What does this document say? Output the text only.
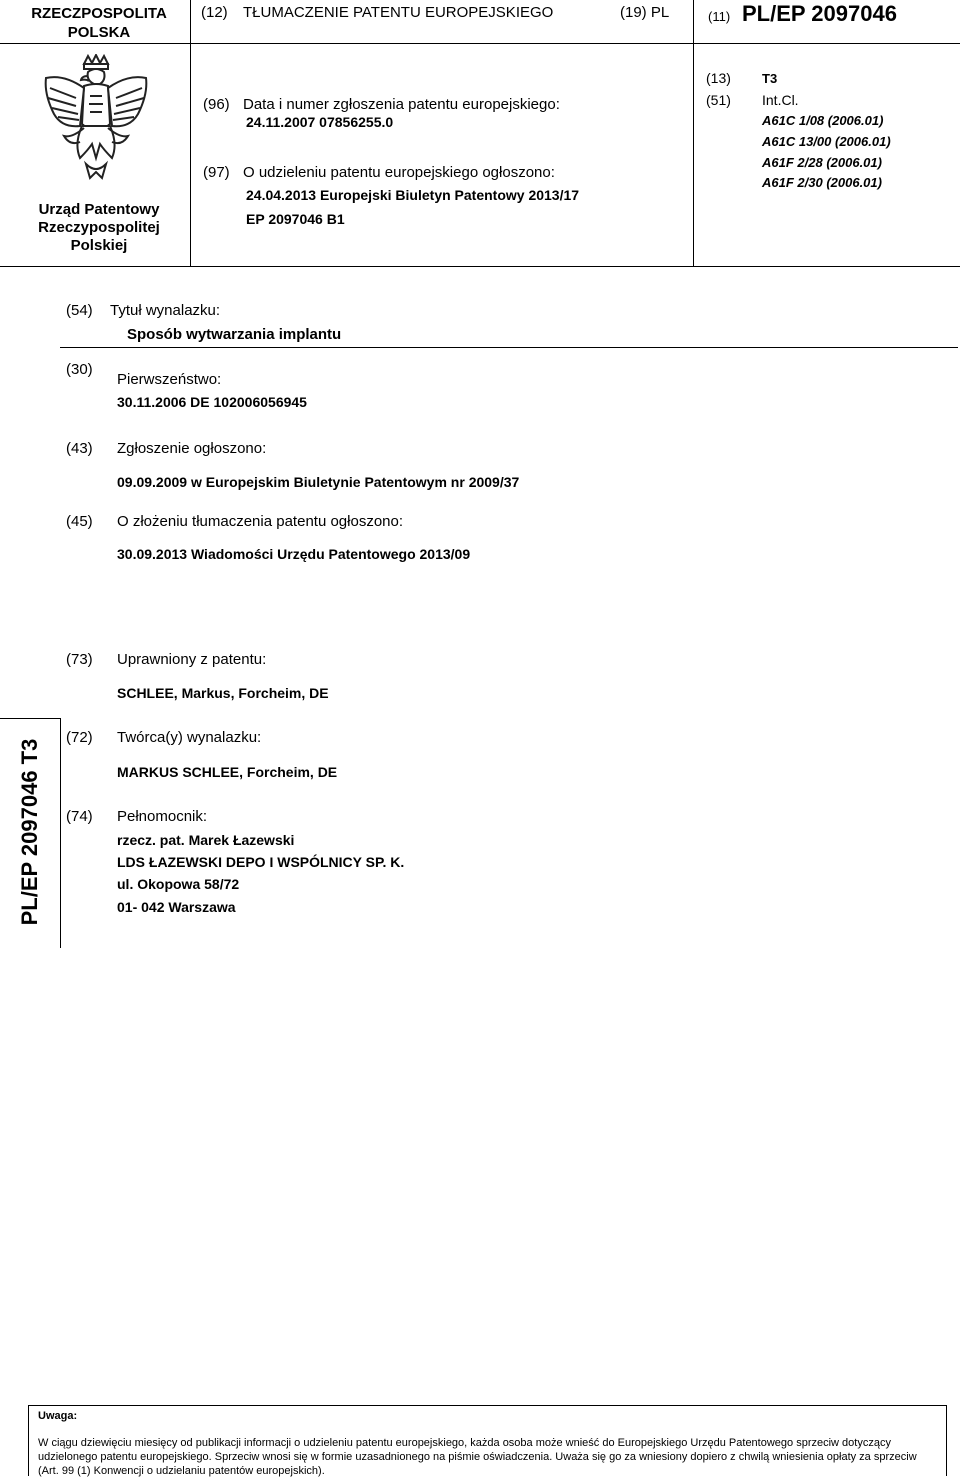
RZECZPOSPOLITA POLSKA
(12) TŁUMACZENIE PATENTU EUROPEJSKIEGO	(19) PL	(11) PL/EP 2097046
Urząd Patentowy
Rzeczypospolitej
Polskiej
(96) Data i numer zgłoszenia patentu europejskiego:
24.11.2007 07856255.0
(97) O udzieleniu patentu europejskiego ogłoszono:
24.04.2013 Europejski Biuletyn Patentowy 2013/17
EP 2097046 B1
(13) T3
(51) Int.Cl.
A61C 1/08 (2006.01)
A61C 13/00 (2006.01)
A61F 2/28 (2006.01)
A61F 2/30 (2006.01)
(54) Tytuł wynalazku:
Sposób wytwarzania implantu
(30)
Pierwszeństwo:
30.11.2006 DE 102006056945
(43) Zgłoszenie ogłoszono:
09.09.2009 w Europejskim Biuletynie Patentowym nr 2009/37
(45) O złożeniu tłumaczenia patentu ogłoszono:
30.09.2013 Wiadomości Urzędu Patentowego 2013/09
(73) Uprawniony z patentu:
SCHLEE, Markus, Forcheim, DE
PL/EP 2097046 T3
(72) Twórca(y) wynalazku:
MARKUS SCHLEE, Forcheim, DE
(74) Pełnomocnik:
rzecz. pat. Marek Łazewski
LDS ŁAZEWSKI DEPO I WSPÓLNICY SP. K.
ul. Okopowa 58/72
01- 042 Warszawa
Uwaga:
W ciągu dziewięciu miesięcy od publikacji informacji o udzieleniu patentu europejskiego, każda osoba może wnieść do Europejskiego Urzędu Patentowego sprzeciw dotyczący udzielonego patentu europejskiego. Sprzeciw wnosi się w formie uzasadnionego na piśmie oświadczenia. Uważa się go za wniesiony dopiero z chwilą wniesienia opłaty za sprzeciw (Art. 99 (1) Konwencji o udzielaniu patentów europejskich).
